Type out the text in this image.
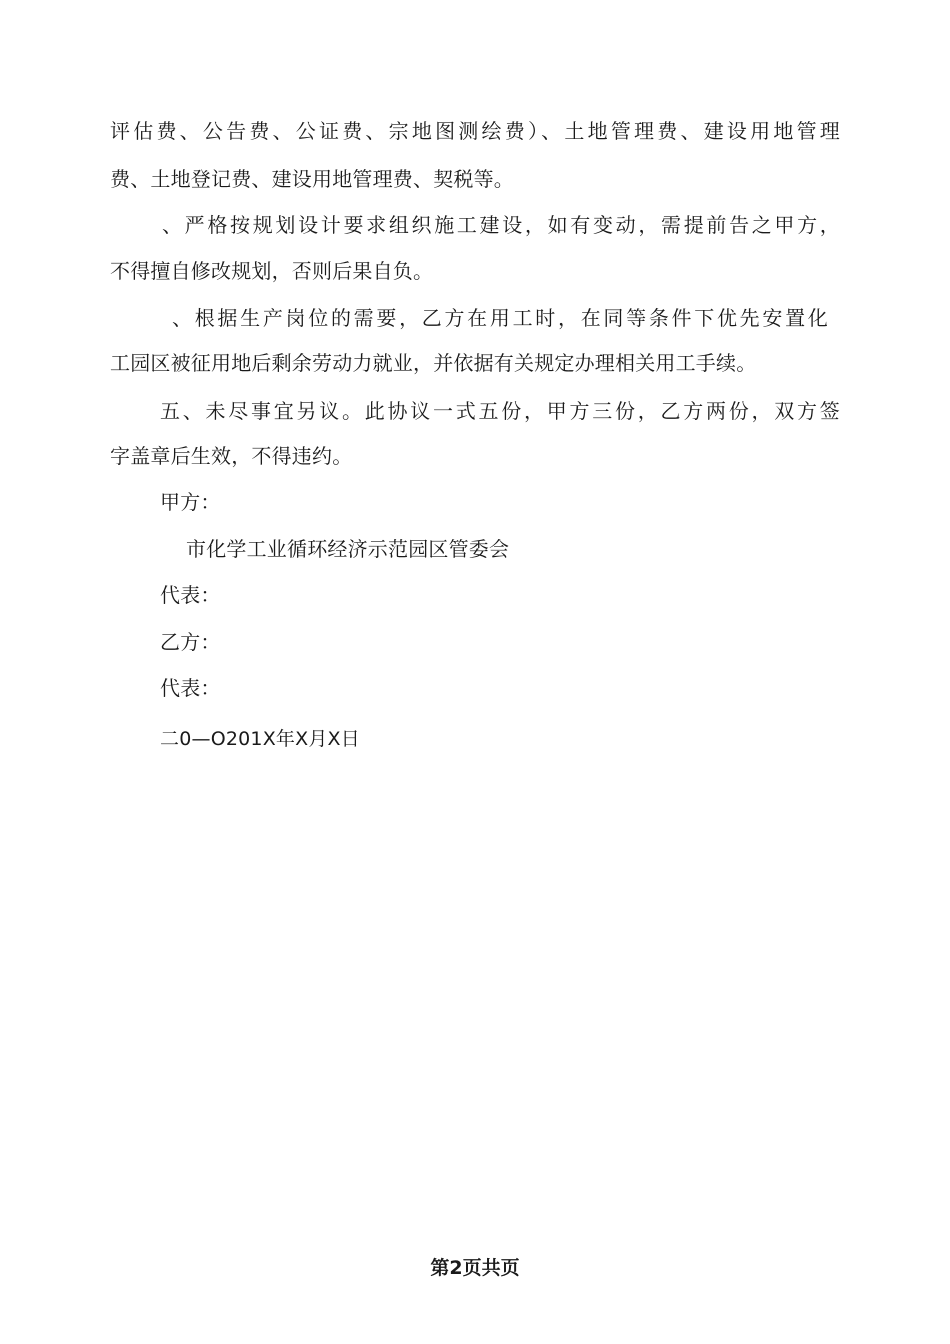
评估费、公告费、公证费、宗地图测绘费）、土地管理费、建设用地管理
费、土地登记费、建设用地管理费、契税等。
、严格按规划设计要求组织施工建设，如有变动，需提前告之甲方，
不得擅自修改规划，否则后果自负。
、根据生产岗位的需要，乙方在用工时，在同等条件下优先安置化
工园区被征用地后剩余劳动力就业，并依据有关规定办理相关用工手续。
五、未尽事宜另议。此协议一式五份，甲方三份，乙方两份，双方签
字盖章后生效，不得违约。
甲方：
市化学工业循环经济示范园区管委会
代表：
乙方：
代表：
二0—O201X年X月X日
第2页共页
